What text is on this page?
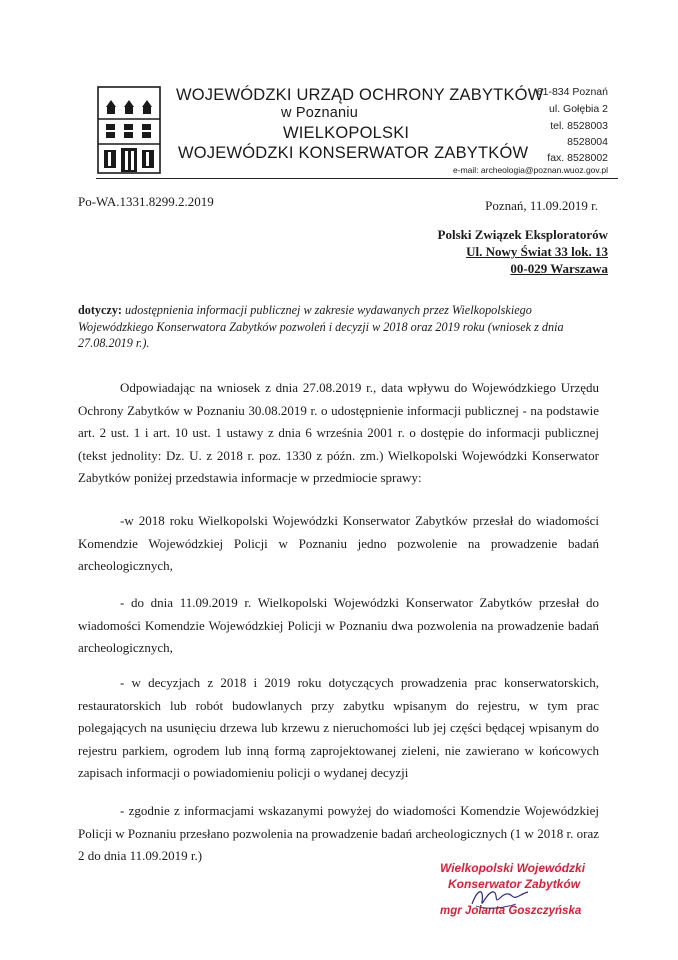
WOJEWÓDZKI URZĄD OCHRONY ZABYTKÓW
w Poznaniu
WIELKOPOLSKI
WOJEWÓDZKI KONSERWATOR ZABYTKÓW
61-834 Poznań
ul. Gołębia 2
tel. 8528003
8528004
fax. 8528002
e-mail: archeologia@poznan.wuoz.gov.pl
Po-WA.1331.8299.2.2019	Poznań, 11.09.2019 r.
Polski Związek Eksploratorów
Ul. Nowy Świat 33 lok. 13
00-029 Warszawa
dotyczy: udostępnienia informacji publicznej w zakresie wydawanych przez Wielkopolskiego Wojewódzkiego Konserwatora Zabytków pozwoleń i decyzji w 2018 oraz 2019 roku (wniosek z dnia 27.08.2019 r.).
Odpowiadając na wniosek z dnia 27.08.2019 r., data wpływu do Wojewódzkiego Urzędu Ochrony Zabytków w Poznaniu 30.08.2019 r. o udostępnienie informacji publicznej - na podstawie art. 2 ust. 1 i art. 10 ust. 1 ustawy z dnia 6 września 2001 r. o dostępie do informacji publicznej (tekst jednolity: Dz. U. z 2018 r. poz. 1330 z późn. zm.) Wielkopolski Wojewódzki Konserwator Zabytków poniżej przedstawia informacje w przedmiocie sprawy:
-w 2018 roku Wielkopolski Wojewódzki Konserwator Zabytków przesłał do wiadomości Komendzie Wojewódzkiej Policji w Poznaniu jedno pozwolenie na prowadzenie badań archeologicznych,
- do dnia 11.09.2019 r. Wielkopolski Wojewódzki Konserwator Zabytków przesłał do wiadomości Komendzie Wojewódzkiej Policji w Poznaniu dwa pozwolenia na prowadzenie badań archeologicznych,
- w decyzjach z 2018 i 2019 roku dotyczących prowadzenia prac konserwatorskich, restauratorskich lub robót budowlanych przy zabytku wpisanym do rejestru, w tym prac polegających na usunięciu drzewa lub krzewu z nieruchomości lub jej części będącej wpisanym do rejestru parkiem, ogrodem lub inną formą zaprojektowanej zieleni, nie zawierano w końcowych zapisach informacji o powiadomieniu policji o wydanej decyzji
- zgodnie z informacjami wskazanymi powyżej do wiadomości Komendzie Wojewódzkiej Policji w Poznaniu przesłano pozwolenia na prowadzenie badań archeologicznych (1 w 2018 r. oraz 2 do dnia 11.09.2019 r.)
Wielkopolski Wojewódzki
Konserwator Zabytków
mgr Jolanta Goszczyńska
